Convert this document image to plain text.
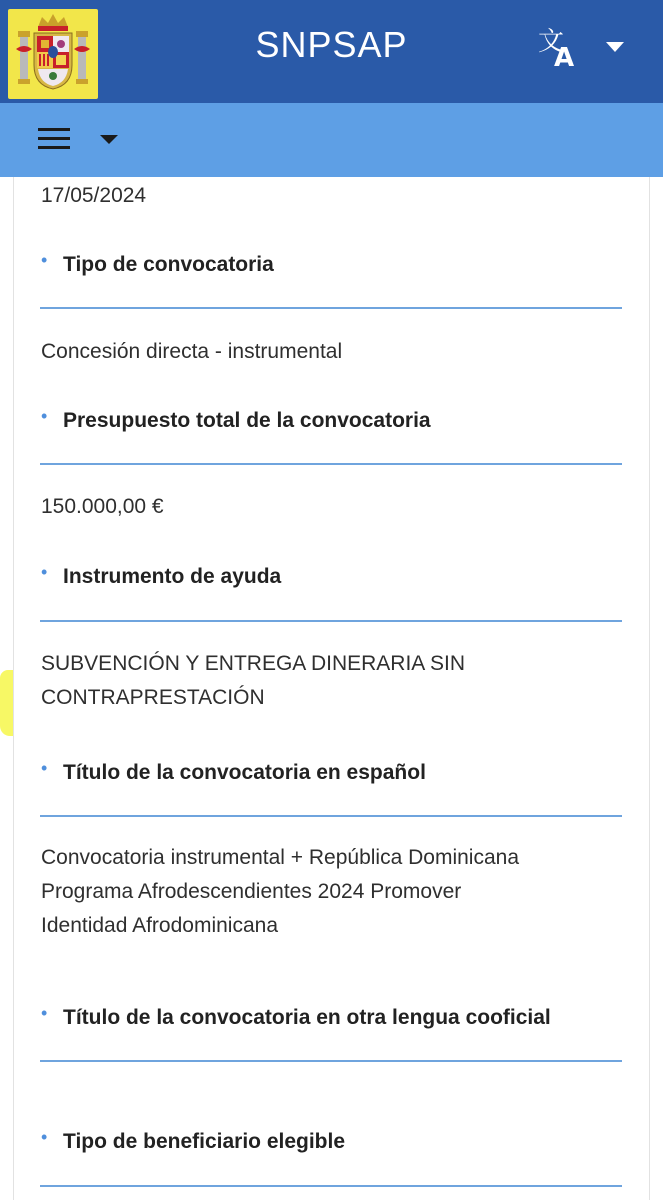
SNPSAP	文
A
17/05/2024
• Tipo de convocatoria
Concesión directa - instrumental
• Presupuesto total de la convocatoria
150.000,00 €
• Instrumento de ayuda
SUBVENCIÓN Y ENTREGA DINERARIA SIN
CONTRAPRESTACIÓN
• Título de la convocatoria en español
Convocatoria instrumental + República Dominicana
Programa Afrodescendientes 2024 Promover
Identidad Afrodominicana
• Título de la convocatoria en otra lengua cooficial
• Tipo de beneficiario elegible
